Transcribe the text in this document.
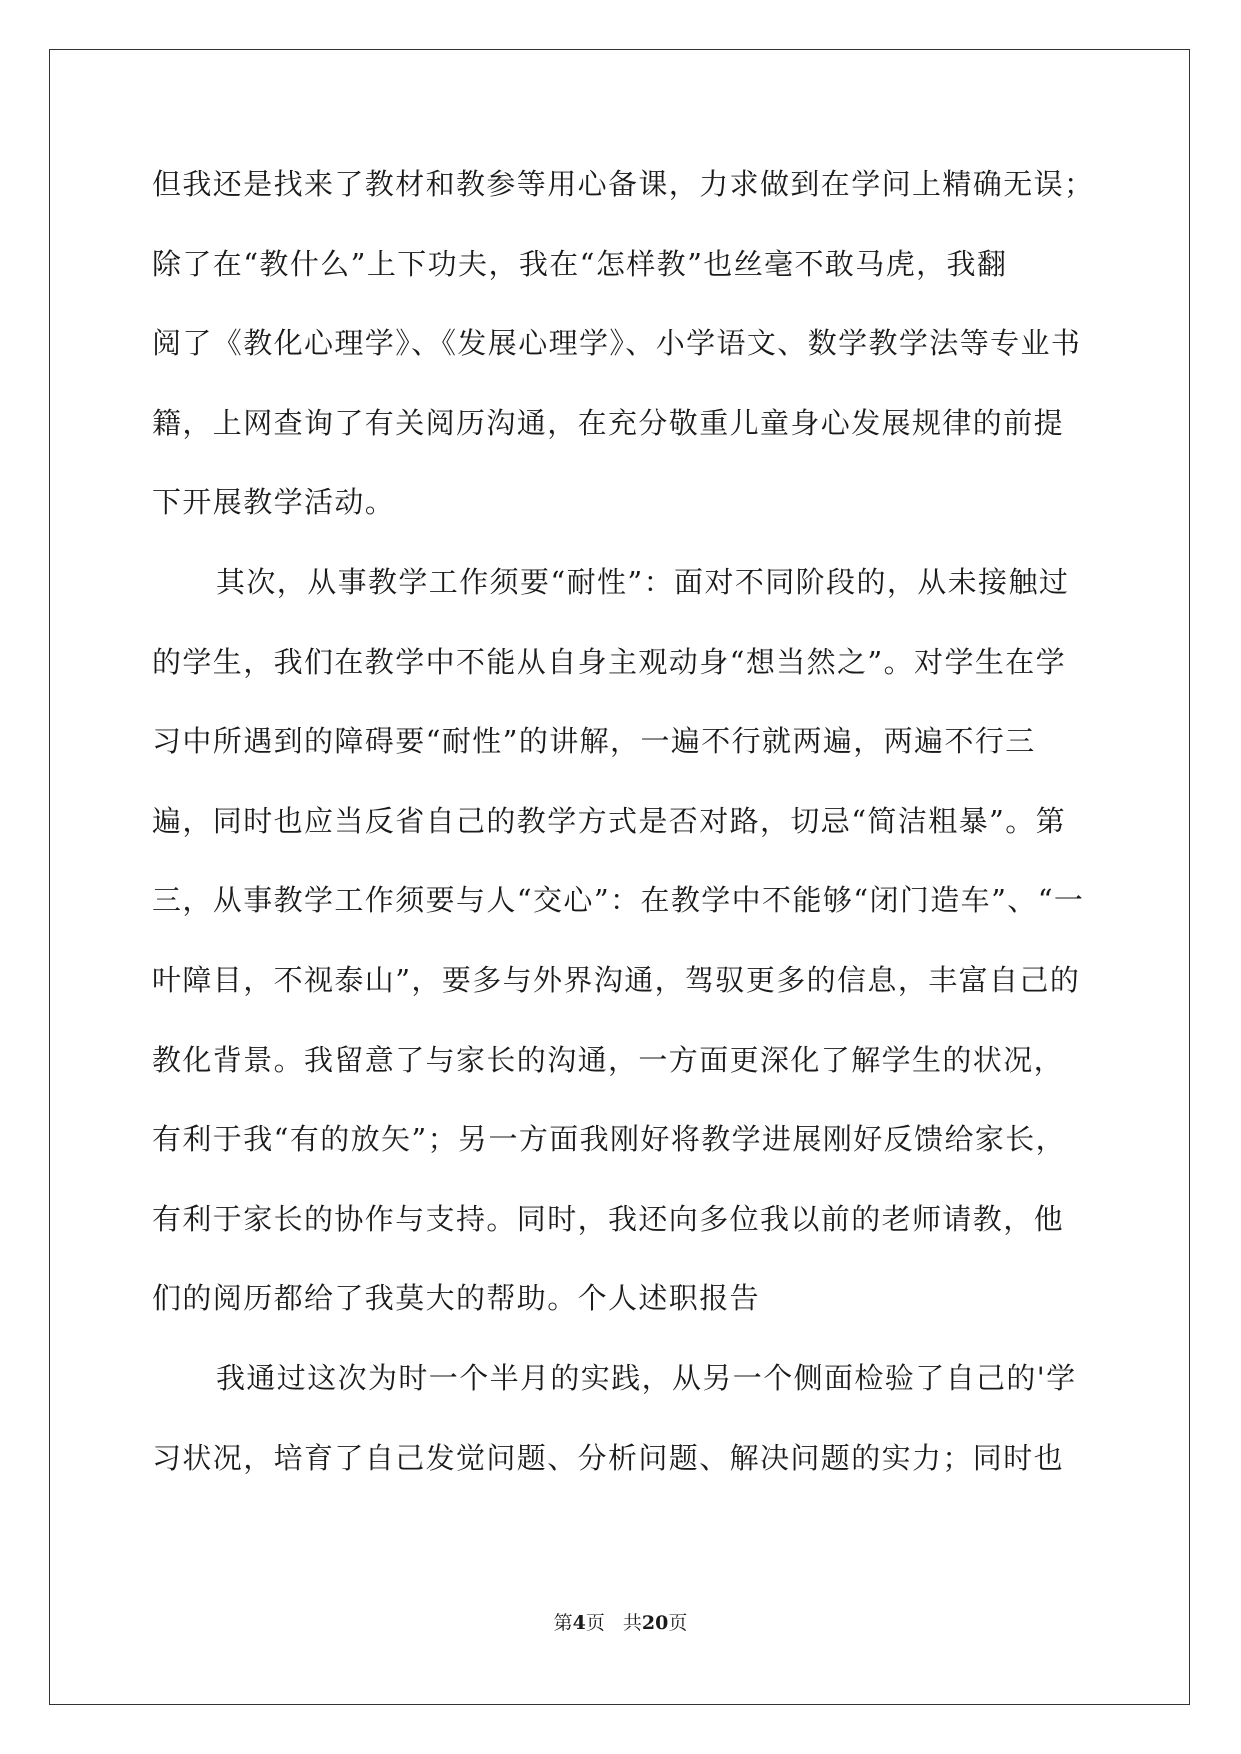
但我还是找来了教材和教参等用心备课，力求做到在学问上精确无误；
除了在“教什么”上下功夫，我在“怎样教”也丝毫不敢马虎，我翻
阅了《教化心理学》、《发展心理学》、小学语文、数学教学法等专业书
籍，上网查询了有关阅历沟通，在充分敬重儿童身心发展规律的前提
下开展教学活动。
其次，从事教学工作须要“耐性”：面对不同阶段的，从未接触过
的学生，我们在教学中不能从自身主观动身“想当然之”。对学生在学
习中所遇到的障碍要“耐性”的讲解，一遍不行就两遍，两遍不行三
遍，同时也应当反省自己的教学方式是否对路，切忌“简洁粗暴”。第
三，从事教学工作须要与人“交心”：在教学中不能够“闭门造车”、“一
叶障目，不视泰山”，要多与外界沟通，驾驭更多的信息，丰富自己的
教化背景。我留意了与家长的沟通，一方面更深化了解学生的状况，
有利于我“有的放矢”；另一方面我刚好将教学进展刚好反馈给家长，
有利于家长的协作与支持。同时，我还向多位我以前的老师请教，他
们的阅历都给了我莫大的帮助。个人述职报告
我通过这次为时一个半月的实践，从另一个侧面检验了自己的'学
习状况，培育了自己发觉问题、分析问题、解决问题的实力；同时也
第4页 共20页
